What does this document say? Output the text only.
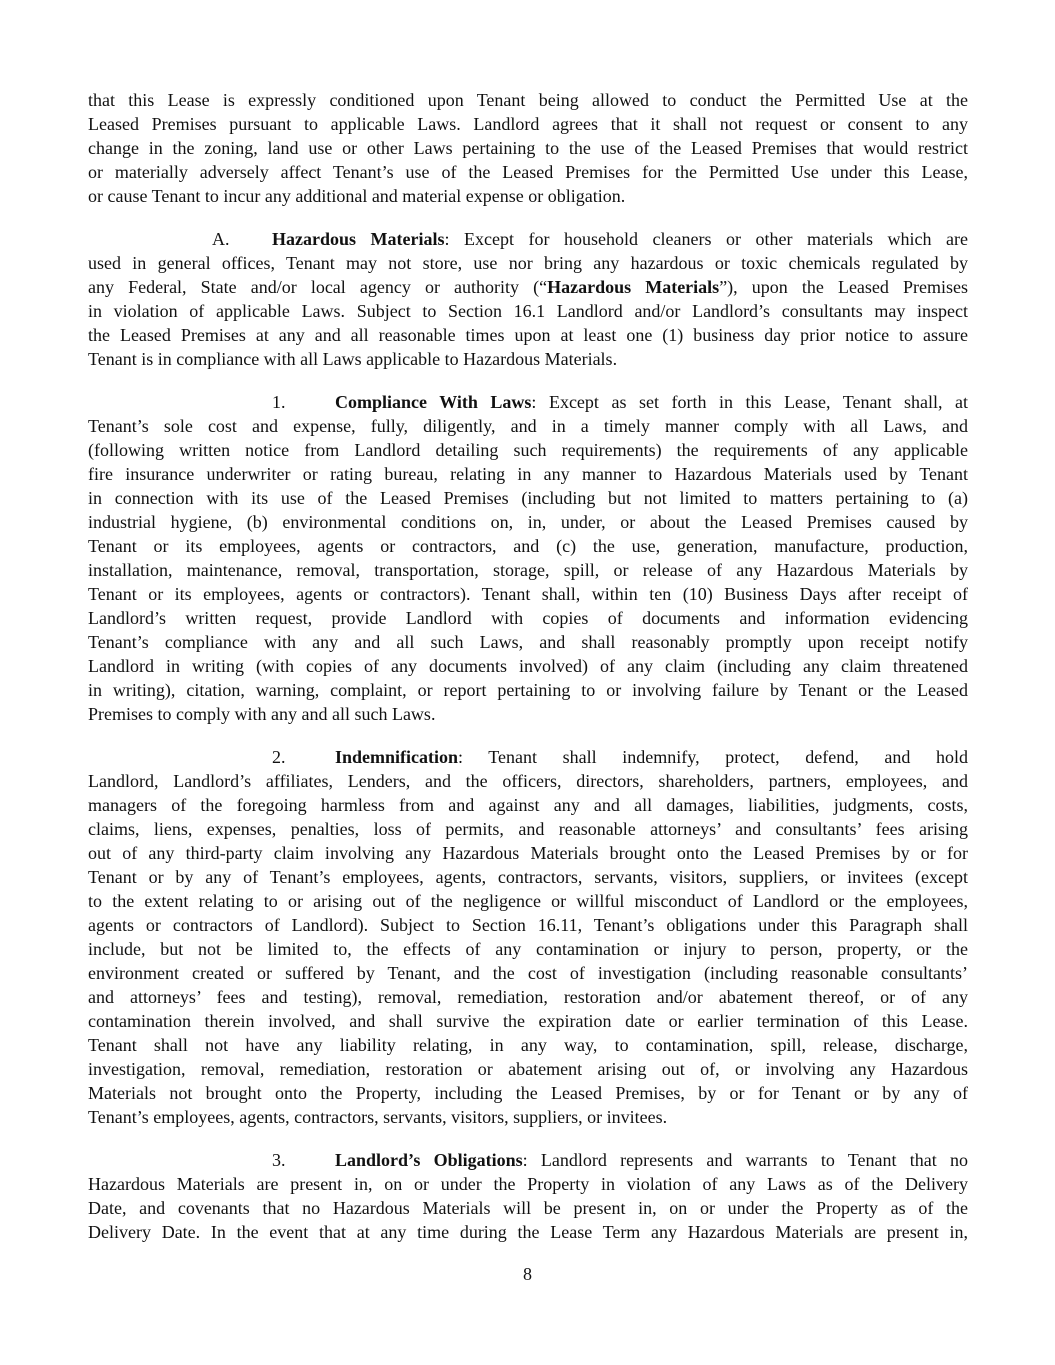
that this Lease is expressly conditioned upon Tenant being allowed to conduct the Permitted Use at the
Leased Premises pursuant to applicable Laws. Landlord agrees that it shall not request or consent to any
change in the zoning, land use or other Laws pertaining to the use of the Leased Premises that would restrict
or materially adversely affect Tenant’s use of the Leased Premises for the Permitted Use under this Lease,
or cause Tenant to incur any additional and material expense or obligation.
A.	Hazardous Materials: Except for household cleaners or other materials which are
used in general offices, Tenant may not store, use nor bring any hazardous or toxic chemicals regulated by
any Federal, State and/or local agency or authority (“Hazardous Materials”), upon the Leased Premises
in violation of applicable Laws. Subject to Section 16.1 Landlord and/or Landlord’s consultants may inspect
the Leased Premises at any and all reasonable times upon at least one (1) business day prior notice to assure
Tenant is in compliance with all Laws applicable to Hazardous Materials.
1.	Compliance With Laws: Except as set forth in this Lease, Tenant shall, at
Tenant’s sole cost and expense, fully, diligently, and in a timely manner comply with all Laws, and
(following written notice from Landlord detailing such requirements) the requirements of any applicable
fire insurance underwriter or rating bureau, relating in any manner to Hazardous Materials used by Tenant
in connection with its use of the Leased Premises (including but not limited to matters pertaining to (a)
industrial hygiene, (b) environmental conditions on, in, under, or about the Leased Premises caused by
Tenant or its employees, agents or contractors, and (c) the use, generation, manufacture, production,
installation, maintenance, removal, transportation, storage, spill, or release of any Hazardous Materials by
Tenant or its employees, agents or contractors). Tenant shall, within ten (10) Business Days after receipt of
Landlord’s written request, provide Landlord with copies of documents and information evidencing
Tenant’s compliance with any and all such Laws, and shall reasonably promptly upon receipt notify
Landlord in writing (with copies of any documents involved) of any claim (including any claim threatened
in writing), citation, warning, complaint, or report pertaining to or involving failure by Tenant or the Leased
Premises to comply with any and all such Laws.
2.	Indemnification: Tenant shall indemnify, protect, defend, and hold
Landlord, Landlord’s affiliates, Lenders, and the officers, directors, shareholders, partners, employees, and
managers of the foregoing harmless from and against any and all damages, liabilities, judgments, costs,
claims, liens, expenses, penalties, loss of permits, and reasonable attorneys’ and consultants’ fees arising
out of any third-party claim involving any Hazardous Materials brought onto the Leased Premises by or for
Tenant or by any of Tenant’s employees, agents, contractors, servants, visitors, suppliers, or invitees (except
to the extent relating to or arising out of the negligence or willful misconduct of Landlord or the employees,
agents or contractors of Landlord). Subject to Section 16.11, Tenant’s obligations under this Paragraph shall
include, but not be limited to, the effects of any contamination or injury to person, property, or the
environment created or suffered by Tenant, and the cost of investigation (including reasonable consultants’
and attorneys’ fees and testing), removal, remediation, restoration and/or abatement thereof, or of any
contamination therein involved, and shall survive the expiration date or earlier termination of this Lease.
Tenant shall not have any liability relating, in any way, to contamination, spill, release, discharge,
investigation, removal, remediation, restoration or abatement arising out of, or involving any Hazardous
Materials not brought onto the Property, including the Leased Premises, by or for Tenant or by any of
Tenant’s employees, agents, contractors, servants, visitors, suppliers, or invitees.
3.	Landlord’s Obligations: Landlord represents and warrants to Tenant that no
Hazardous Materials are present in, on or under the Property in violation of any Laws as of the Delivery
Date, and covenants that no Hazardous Materials will be present in, on or under the Property as of the
Delivery Date. In the event that at any time during the Lease Term any Hazardous Materials are present in,
8
